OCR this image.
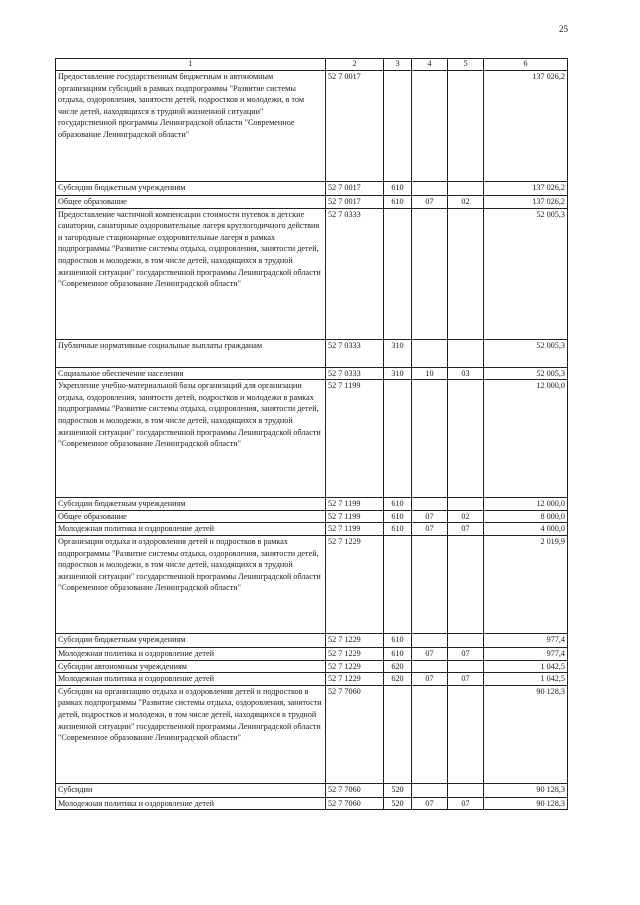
25
1	2	3	4	5	6
Предоставление государственным бюджетным и автономным организациям субсидий в рамках подпрограммы "Развитие системы отдыха, оздоровления, занятости детей, подростков и молодежи, в том числе детей, находящихся в трудной жизненной ситуации" государственной программы Ленинградской области "Современное образование Ленинградской области"	52 7 0017				137 026,2
Субсидии бюджетным учреждениям	52 7 0017	610			137 026,2
Общее образование	52 7 0017	610	07	02	137 026,2
Предоставление частичной компенсации стоимости путевок в детские санатории, санаторные оздоровительные лагеря круглогодичного действия и загородные стационарные оздоровительные лагеря в рамках подпрограммы "Развитие системы отдыха, оздоровления, занятости детей, подростков и молодежи, в том числе детей, находящихся в трудной жизненной ситуации" государственной программы Ленинградской области "Современное образование Ленинградской области"	52 7 0333				52 005,3
Публичные нормативные социальные выплаты гражданам	52 7 0333	310			52 005,3
Социальное обеспечение населения	52 7 0333	310	10	03	52 005,3
Укрепление учебно-материальной базы организаций для организации отдыха, оздоровления, занятости детей, подростков и молодежи в рамках подпрограммы "Развитие системы отдыха, оздоровления, занятости детей, подростков и молодежи, в том числе детей, находящихся в трудной жизненной ситуации" государственной программы Ленинградской области "Современное образование Ленинградской области"	52 7 1199				12 000,0
Субсидии бюджетным учреждениям	52 7 1199	610			12 000,0
Общее образование	52 7 1199	610	07	02	8 000,0
Молодежная политика и оздоровление детей	52 7 1199	610	07	07	4 000,0
Организация отдыха и оздоровления детей и подростков в рамках подпрограммы "Развитие системы отдыха, оздоровления, занятости детей, подростков и молодежи, в том числе детей, находящихся в трудной жизненной ситуации" государственной программы Ленинградской области "Современное образование Ленинградской области"	52 7 1229				2 019,9
Субсидии бюджетным учреждениям	52 7 1229	610			977,4
Молодежная политика и оздоровление детей	52 7 1229	610	07	07	977,4
Субсидии автономным учреждениям	52 7 1229	620			1 042,5
Молодежная политика и оздоровление детей	52 7 1229	620	07	07	1 042,5
Субсидии на организацию отдыха и оздоровления детей и подростков в рамках подпрограммы "Развитие системы отдыха, оздоровления, занятости детей, подростков и молодежи, в том числе детей, находящихся в трудной жизненной ситуации" государственной программы Ленинградской области "Современное образование Ленинградской области"	52 7 7060				90 128,3
Субсидии	52 7 7060	520			90 128,3
Молодежная политика и оздоровление детей	52 7 7060	520	07	07	90 128,3
